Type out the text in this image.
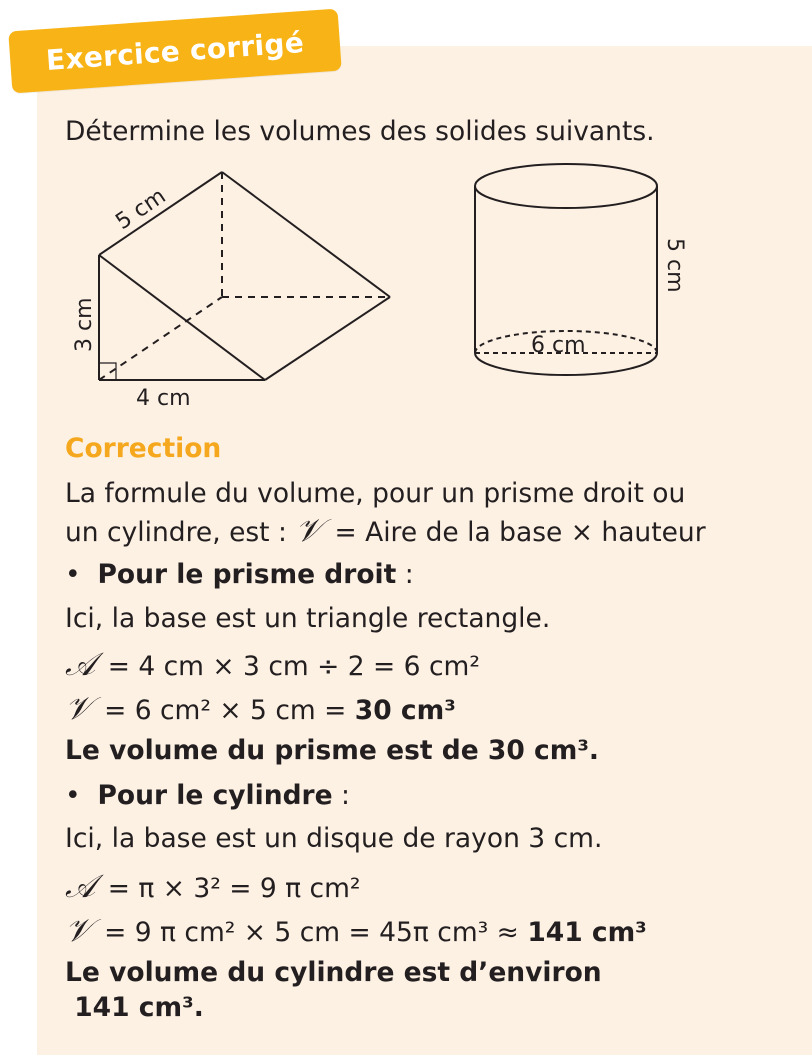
Exercice corrigé
Détermine les volumes des solides suivants.
5 cm
3 cm
4 cm
5 cm
6 cm
Correction
La formule du volume, pour un prisme droit ou
un cylindre, est : 𝒱 = Aire de la base × hauteur
• Pour le prisme droit :
Ici, la base est un triangle rectangle.
𝒜 = 4 cm × 3 cm ÷ 2 = 6 cm²
𝒱 = 6 cm² × 5 cm = 30 cm³
Le volume du prisme est de 30 cm³.
• Pour le cylindre :
Ici, la base est un disque de rayon 3 cm.
𝒜 = π × 3² = 9 π cm²
𝒱 = 9 π cm² × 5 cm = 45π cm³ ≈ 141 cm³
Le volume du cylindre est d’environ
141 cm³.
